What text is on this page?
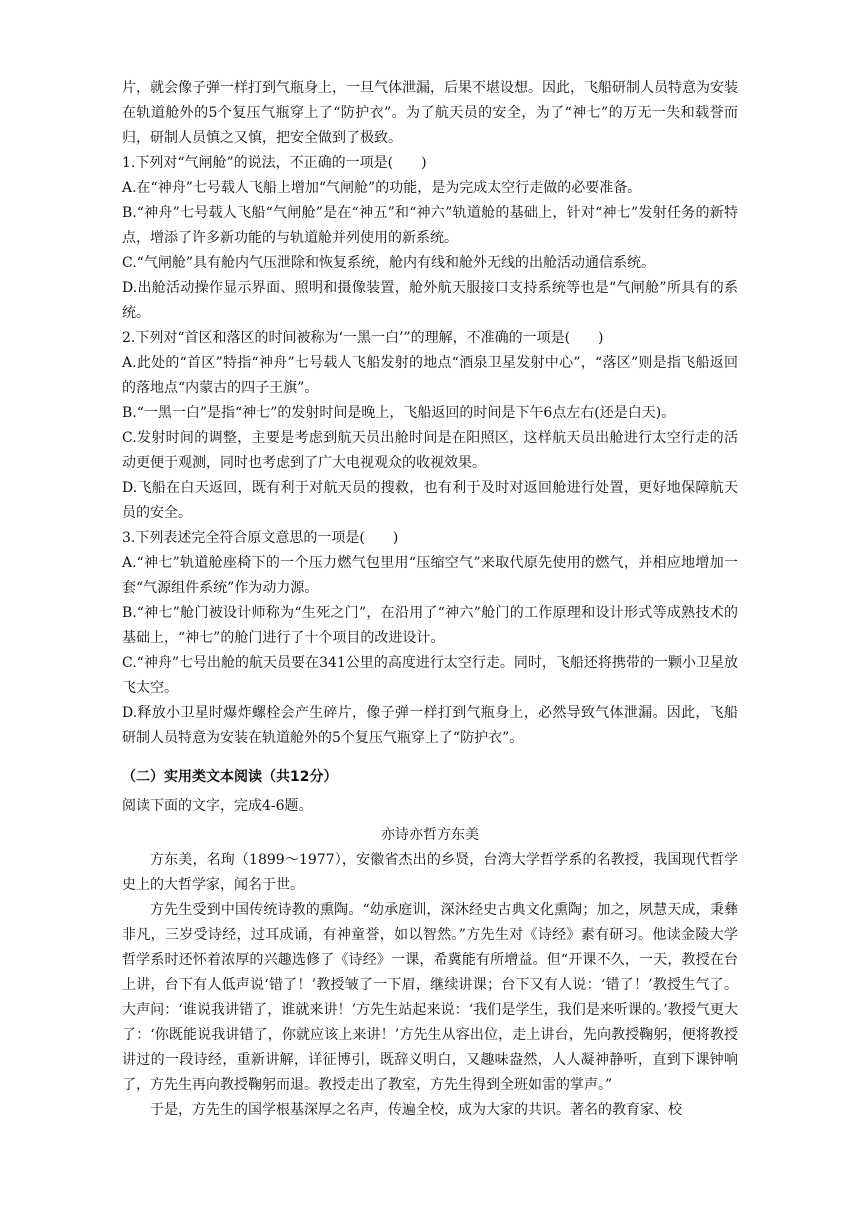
片，就会像子弹一样打到气瓶身上，一旦气体泄漏，后果不堪设想。因此，飞船研制人员特意为安装在轨道舱外的5个复压气瓶穿上了“防护衣”。为了航天员的安全，为了“神七”的万无一失和载誉而归，研制人员慎之又慎，把安全做到了极致。

1.下列对“气闸舱”的说法，不正确的一项是(　　)

A.在“神舟”七号载人飞船上增加“气闸舱”的功能，是为完成太空行走做的必要准备。

B.“神舟”七号载人飞船“气闸舱”是在“神五”和“神六”轨道舱的基础上，针对“神七”发射任务的新特点，增添了许多新功能的与轨道舱并列使用的新系统。

C.“气闸舱”具有舱内气压泄除和恢复系统，舱内有线和舱外无线的出舱活动通信系统。

D.出舱活动操作显示界面、照明和摄像装置，舱外航天服接口支持系统等也是“气闸舱”所具有的系统。

2.下列对“首区和落区的时间被称为‘一黑一白’”的理解，不准确的一项是(　　)

A.此处的“首区”特指“神舟”七号载人飞船发射的地点“酒泉卫星发射中心”，“落区”则是指飞船返回的落地点“内蒙古的四子王旗”。

B.“一黑一白”是指“神七”的发射时间是晚上，飞船返回的时间是下午6点左右(还是白天)。

C.发射时间的调整，主要是考虑到航天员出舱时间是在阳照区，这样航天员出舱进行太空行走的活动更便于观测，同时也考虑到了广大电视观众的收视效果。

D.飞船在白天返回，既有利于对航天员的搜救，也有利于及时对返回舱进行处置，更好地保障航天员的安全。

3.下列表述完全符合原文意思的一项是(　　)

A.“神七”轨道舱座椅下的一个压力燃气包里用“压缩空气”来取代原先使用的燃气，并相应地增加一套“气源组件系统”作为动力源。

B.“神七”舱门被设计师称为“生死之门”，在沿用了“神六”舱门的工作原理和设计形式等成熟技术的基础上，“神七”的舱门进行了十个项目的改进设计。

C.“神舟”七号出舱的航天员要在341公里的高度进行太空行走。同时，飞船还将携带的一颗小卫星放飞太空。

D.释放小卫星时爆炸螺栓会产生碎片，像子弹一样打到气瓶身上，必然导致气体泄漏。因此，飞船研制人员特意为安装在轨道舱外的5个复压气瓶穿上了“防护衣”。

（二）实用类文本阅读（共12分）

阅读下面的文字，完成4-6题。

亦诗亦哲方东美

方东美，名珣（1899～1977），安徽省杰出的乡贤，台湾大学哲学系的名教授，我国现代哲学史上的大哲学家，闻名于世。

方先生受到中国传统诗教的熏陶。“幼承庭训，深沐经史古典文化熏陶；加之，夙慧天成，秉彝非凡，三岁受诗经，过耳成诵，有神童誉，如以智然。”方先生对《诗经》素有研习。他读金陵大学哲学系时还怀着浓厚的兴趣选修了《诗经》一课，希冀能有所增益。但“开课不久，一天，教授在台上讲，台下有人低声说‘错了！’教授皱了一下眉，继续讲课；台下又有人说：‘错了！’教授生气了。大声问：‘谁说我讲错了，谁就来讲！’方先生站起来说：‘我们是学生，我们是来听课的。’教授气更大了：‘你既能说我讲错了，你就应该上来讲！’方先生从容出位，走上讲台，先向教授鞠躬，便将教授讲过的一段诗经，重新讲解，详征博引，既辞义明白，又趣味盎然，人人凝神静听，直到下课钟响了，方先生再向教授鞠躬而退。教授走出了教室，方先生得到全班如雷的掌声。”

于是，方先生的国学根基深厚之名声，传遍全校，成为大家的共识。著名的教育家、校
